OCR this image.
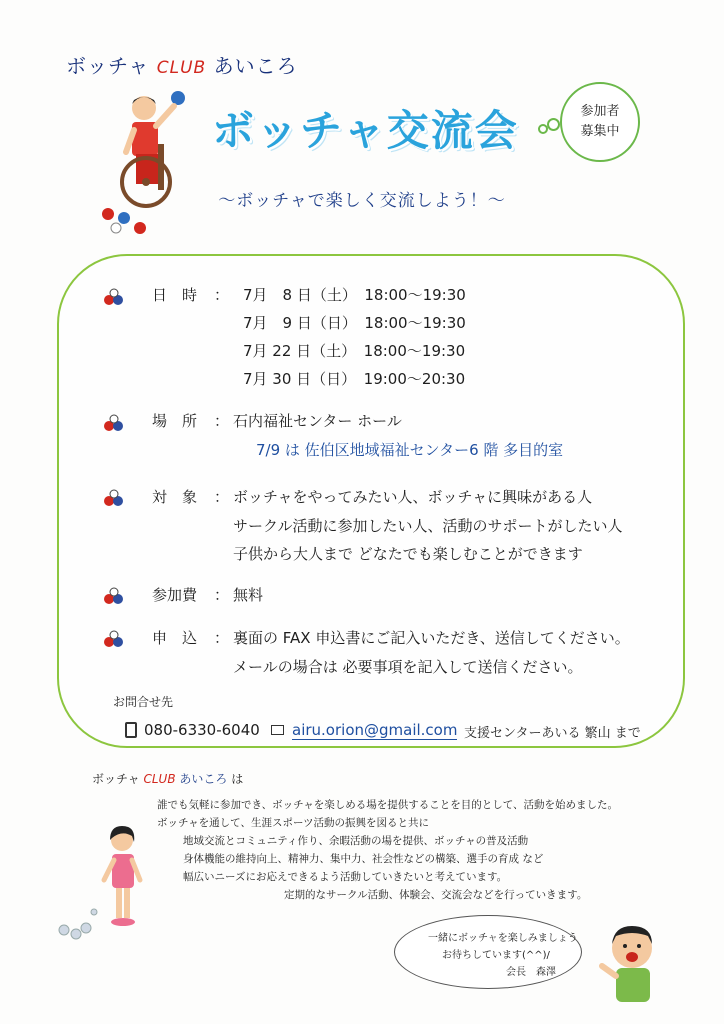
ボッチャ CLUB あいころ
ボッチャ交流会	参加者
募集中
～ボッチャで楽しく交流しよう！～
日　時 ： 7月　8 日（土）　18:00～19:30
7月　9 日（日）　18:00～19:30
7月 22 日（土）　18:00～19:30
7月 30 日（日）　19:00～20:30
場　所 ： 石内福祉センター ホール
7/9 は 佐伯区地域福祉センター6 階 多目的室
対　象 ： ボッチャをやってみたい人、ボッチャに興味がある人
サークル活動に参加したい人、活動のサポートがしたい人
子供から大人まで どなたでも楽しむことができます
参加費 ： 無料
申　込 ： 裏面の FAX 申込書にご記入いただき、送信してください。
メールの場合は 必要事項を記入して送信ください。
お問合せ先
080-6330-6040 airu.orion@gmail.com 支援センターあいる 繁山 まで
ボッチャ CLUB あいころ は
誰でも気軽に参加でき、ボッチャを楽しめる場を提供することを目的として、活動を始めました。
ボッチャを通して、生涯スポーツ活動の振興を図ると共に
地域交流とコミュニティ作り、余暇活動の場を提供、ボッチャの普及活動
身体機能の維持向上、精神力、集中力、社会性などの構築、選手の育成 など
幅広いニーズにお応えできるよう活動していきたいと考えています。
定期的なサークル活動、体験会、交流会などを行っていきます。
一緒にボッチャを楽しみましょう
お待ちしています(^^)/
会長　森澤
